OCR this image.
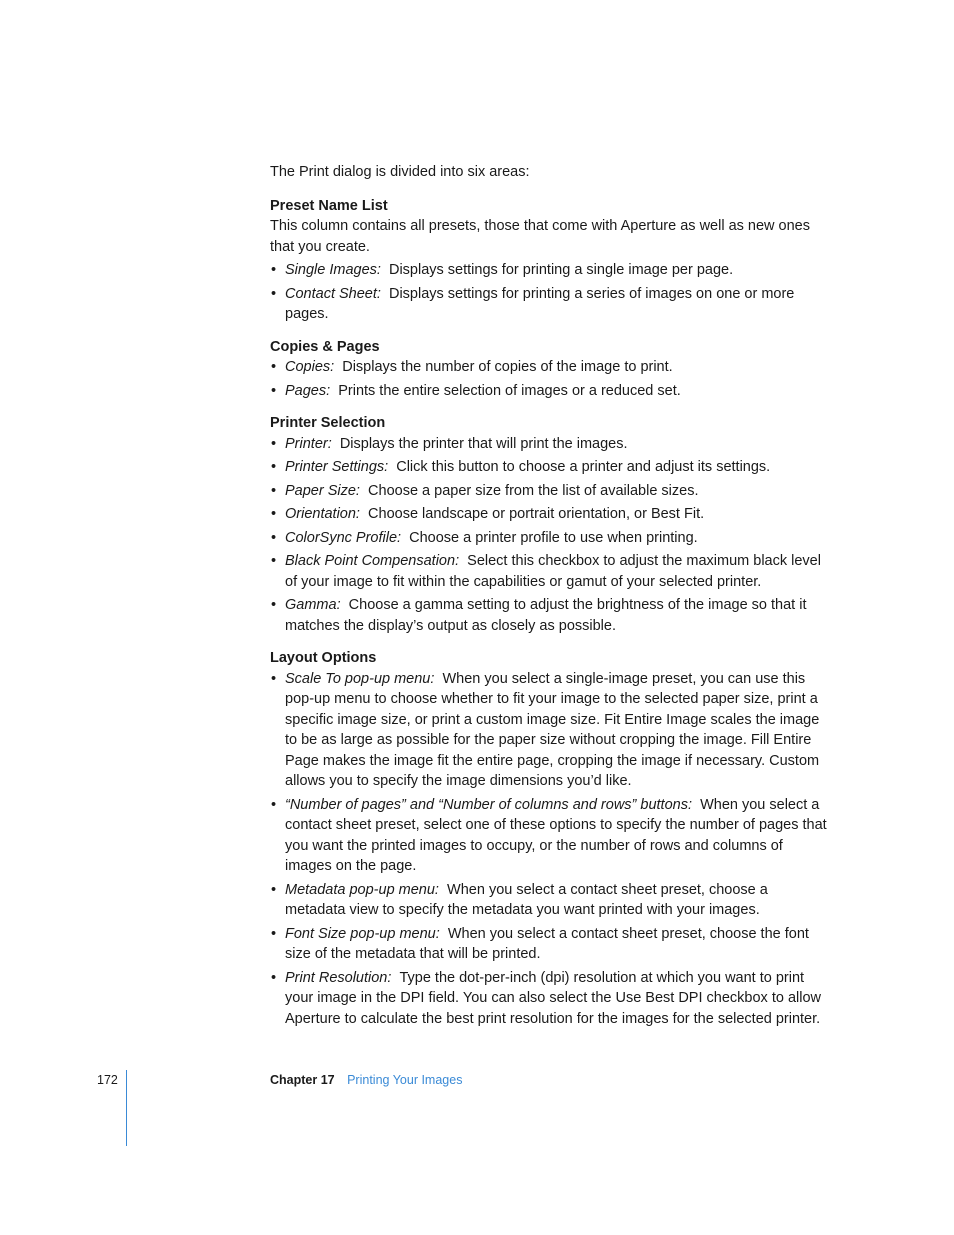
The Print dialog is divided into six areas:

Preset Name List

This column contains all presets, those that come with Aperture as well as new ones that you create.

• Single Images: Displays settings for printing a single image per page.
• Contact Sheet: Displays settings for printing a series of images on one or more pages.

Copies & Pages

• Copies: Displays the number of copies of the image to print.
• Pages: Prints the entire selection of images or a reduced set.

Printer Selection

• Printer: Displays the printer that will print the images.
• Printer Settings: Click this button to choose a printer and adjust its settings.
• Paper Size: Choose a paper size from the list of available sizes.
• Orientation: Choose landscape or portrait orientation, or Best Fit.
• ColorSync Profile: Choose a printer profile to use when printing.
• Black Point Compensation: Select this checkbox to adjust the maximum black level of your image to fit within the capabilities or gamut of your selected printer.
• Gamma: Choose a gamma setting to adjust the brightness of the image so that it matches the display’s output as closely as possible.

Layout Options

• Scale To pop-up menu: When you select a single-image preset, you can use this pop-up menu to choose whether to fit your image to the selected paper size, print a specific image size, or print a custom image size. Fit Entire Image scales the image to be as large as possible for the paper size without cropping the image. Fill Entire Page makes the image fit the entire page, cropping the image if necessary. Custom allows you to specify the image dimensions you’d like.
• “Number of pages” and “Number of columns and rows” buttons: When you select a contact sheet preset, select one of these options to specify the number of pages that you want the printed images to occupy, or the number of rows and columns of images on the page.
• Metadata pop-up menu: When you select a contact sheet preset, choose a metadata view to specify the metadata you want printed with your images.
• Font Size pop-up menu: When you select a contact sheet preset, choose the font size of the metadata that will be printed.
• Print Resolution: Type the dot-per-inch (dpi) resolution at which you want to print your image in the DPI field. You can also select the Use Best DPI checkbox to allow Aperture to calculate the best print resolution for the images for the selected printer.
172	Chapter 17 Printing Your Images
